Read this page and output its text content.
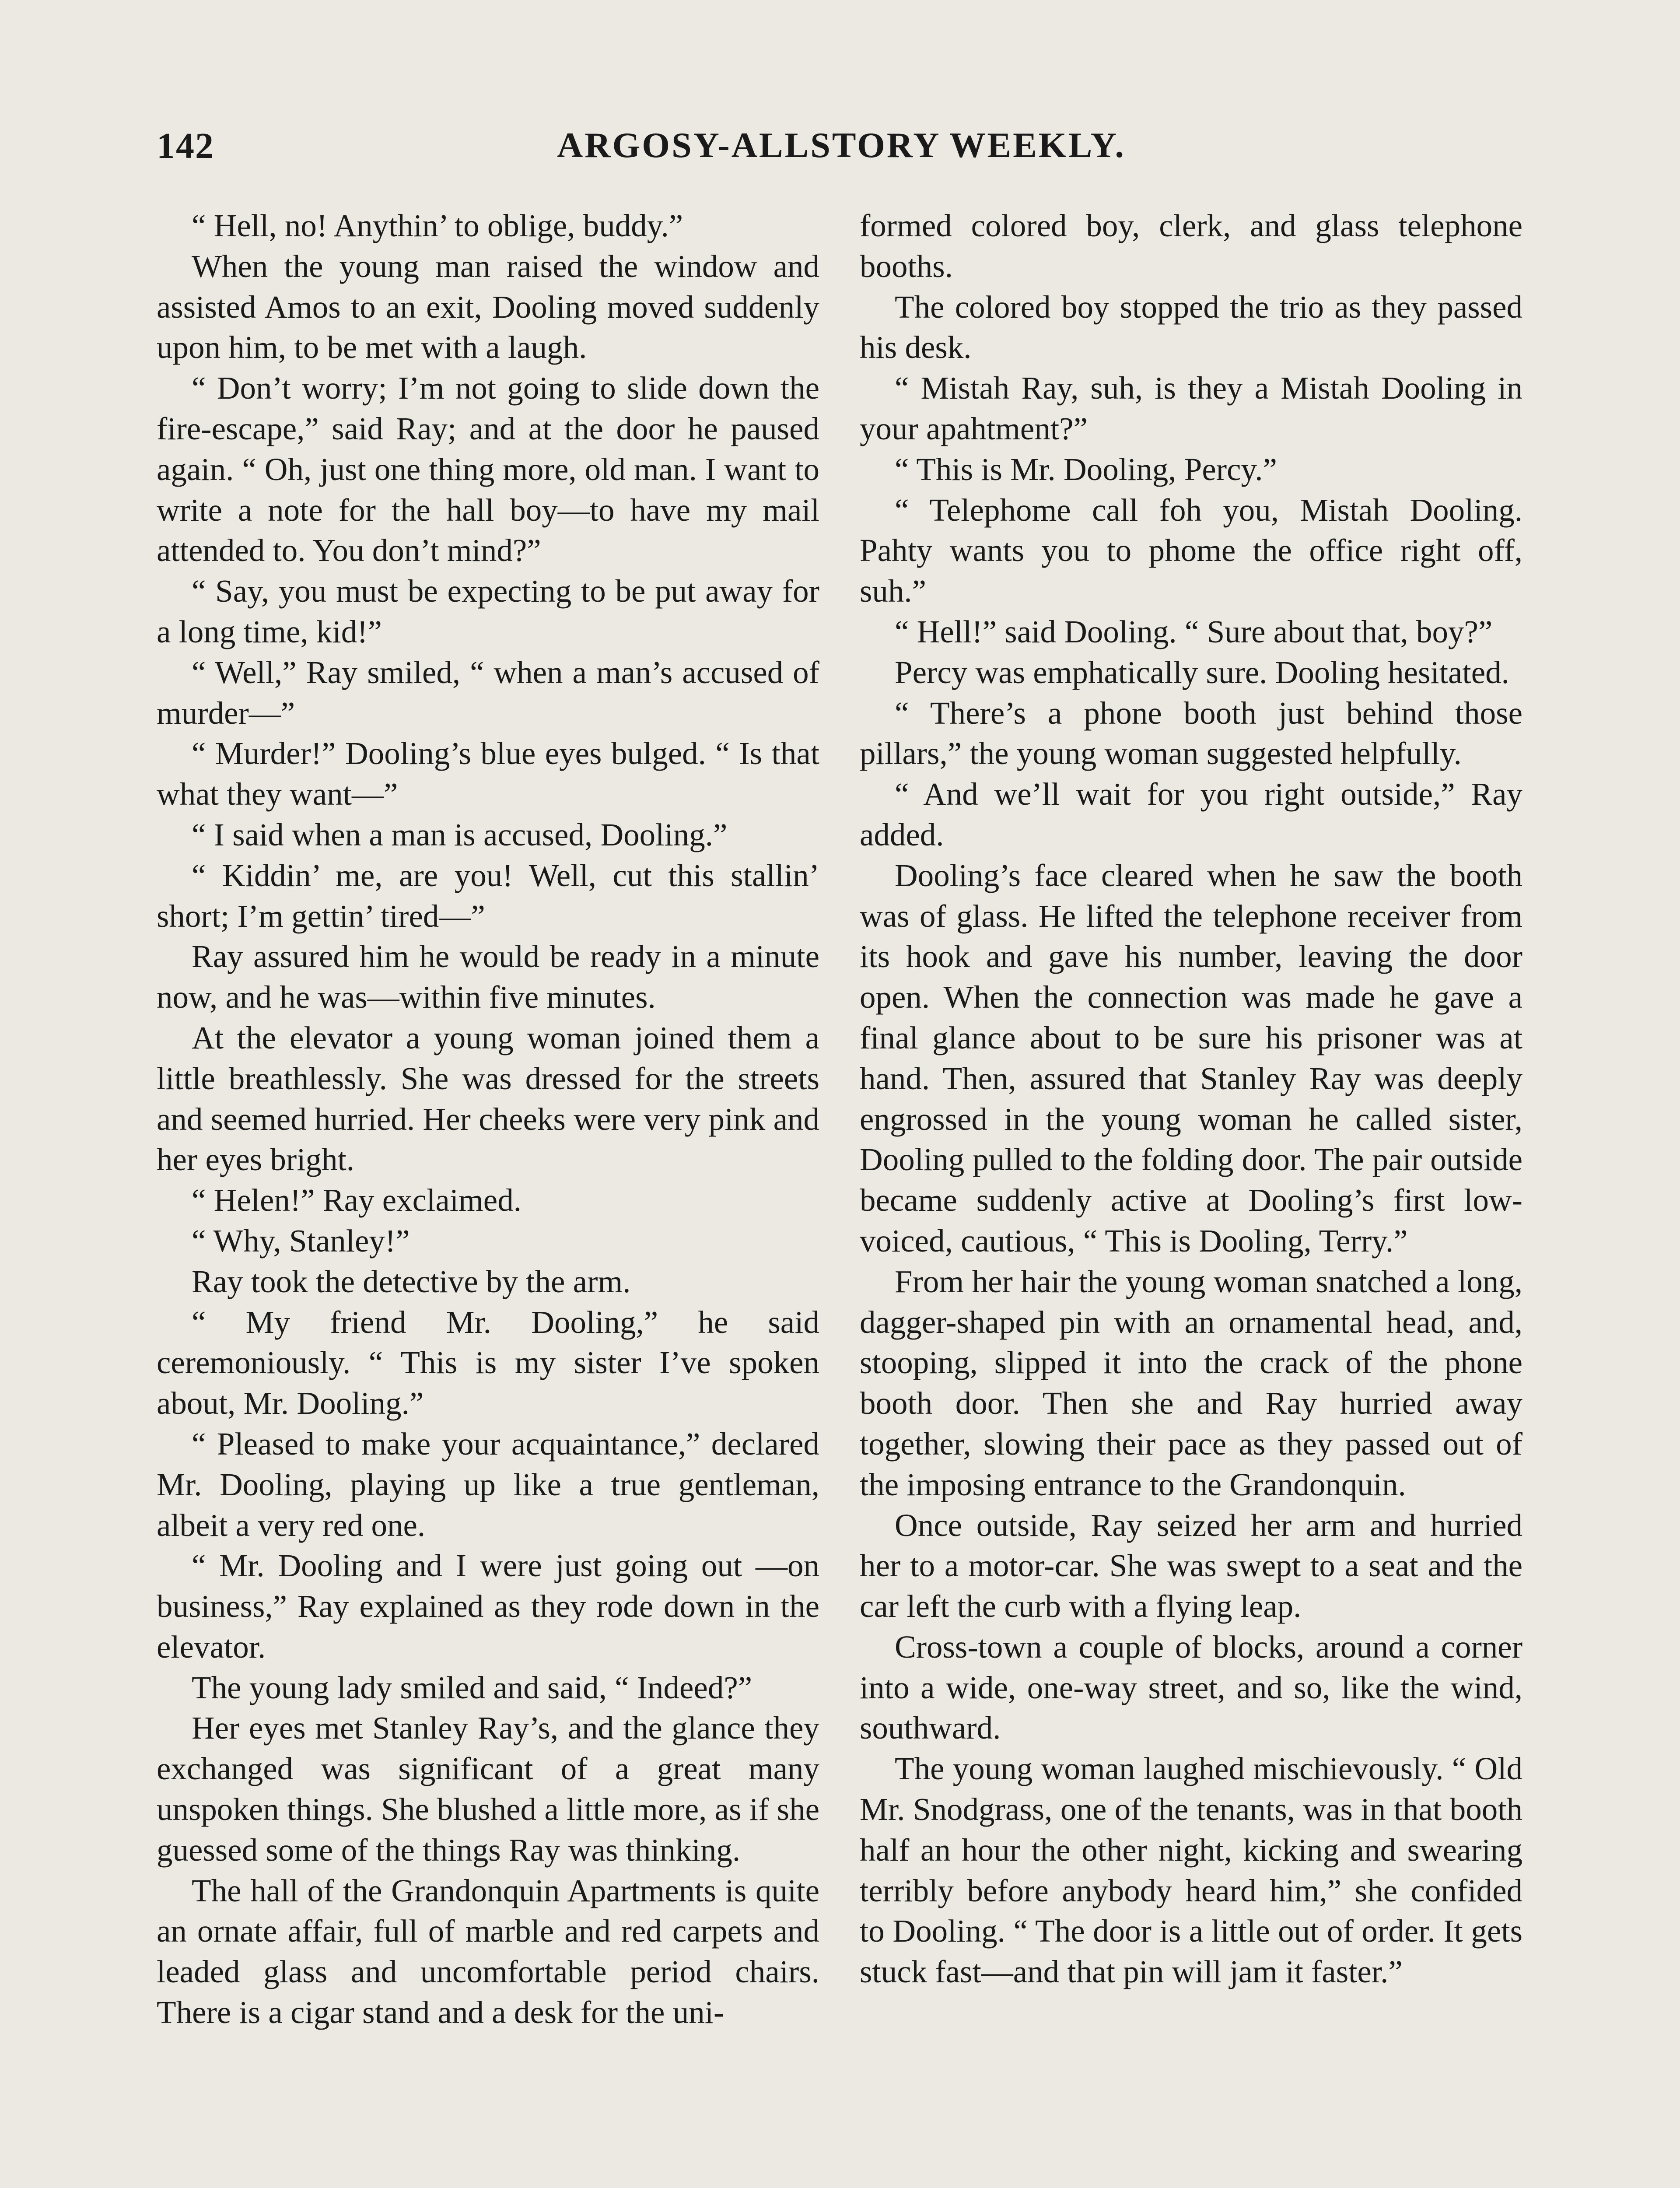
142	ARGOSY-ALLSTORY WEEKLY.

“ Hell, no! Anythin’ to oblige, buddy.”

When the young man raised the window and assisted Amos to an exit, Dooling moved suddenly upon him, to be met with a laugh.

“ Don’t worry; I’m not going to slide down the fire-escape,” said Ray; and at the door he paused again. “ Oh, just one thing more, old man. I want to write a note for the hall boy—to have my mail attended to. You don’t mind?”

“ Say, you must be expecting to be put away for a long time, kid!”

“ Well,” Ray smiled, “ when a man’s accused of murder—”

“ Murder!” Dooling’s blue eyes bulged. “ Is that what they want—”

“ I said when a man is accused, Dooling.”

“ Kiddin’ me, are you! Well, cut this stallin’ short; I’m gettin’ tired—”

Ray assured him he would be ready in a minute now, and he was—within five minutes.

At the elevator a young woman joined them a little breathlessly. She was dressed for the streets and seemed hurried. Her cheeks were very pink and her eyes bright.

“ Helen!” Ray exclaimed.

“ Why, Stanley!”

Ray took the detective by the arm.

“ My friend Mr. Dooling,” he said ceremoniously. “ This is my sister I’ve spoken about, Mr. Dooling.”

“ Pleased to make your acquaintance,” declared Mr. Dooling, playing up like a true gentleman, albeit a very red one.

“ Mr. Dooling and I were just going out —on business,” Ray explained as they rode down in the elevator.

The young lady smiled and said, “ Indeed?”

Her eyes met Stanley Ray’s, and the glance they exchanged was significant of a great many unspoken things. She blushed a little more, as if she guessed some of the things Ray was thinking.

The hall of the Grandonquin Apartments is quite an ornate affair, full of marble and red carpets and leaded glass and uncomfortable period chairs. There is a cigar stand and a desk for the uni-

formed colored boy, clerk, and glass telephone booths.

The colored boy stopped the trio as they passed his desk.

“ Mistah Ray, suh, is they a Mistah Dooling in your apahtment?”

“ This is Mr. Dooling, Percy.”

“ Telephome call foh you, Mistah Dooling. Pahty wants you to phome the office right off, suh.”

“ Hell!” said Dooling. “ Sure about that, boy?”

Percy was emphatically sure. Dooling hesitated.

“ There’s a phone booth just behind those pillars,” the young woman suggested helpfully.

“ And we’ll wait for you right outside,” Ray added.

Dooling’s face cleared when he saw the booth was of glass. He lifted the telephone receiver from its hook and gave his number, leaving the door open. When the connection was made he gave a final glance about to be sure his prisoner was at hand. Then, assured that Stanley Ray was deeply engrossed in the young woman he called sister, Dooling pulled to the folding door. The pair outside became suddenly active at Dooling’s first low-voiced, cautious, “ This is Dooling, Terry.”

From her hair the young woman snatched a long, dagger-shaped pin with an ornamental head, and, stooping, slipped it into the crack of the phone booth door. Then she and Ray hurried away together, slowing their pace as they passed out of the imposing entrance to the Grandonquin.

Once outside, Ray seized her arm and hurried her to a motor-car. She was swept to a seat and the car left the curb with a flying leap.

Cross-town a couple of blocks, around a corner into a wide, one-way street, and so, like the wind, southward.

The young woman laughed mischievously. “ Old Mr. Snodgrass, one of the tenants, was in that booth half an hour the other night, kicking and swearing terribly before anybody heard him,” she confided to Dooling. “ The door is a little out of order. It gets stuck fast—and that pin will jam it faster.”
